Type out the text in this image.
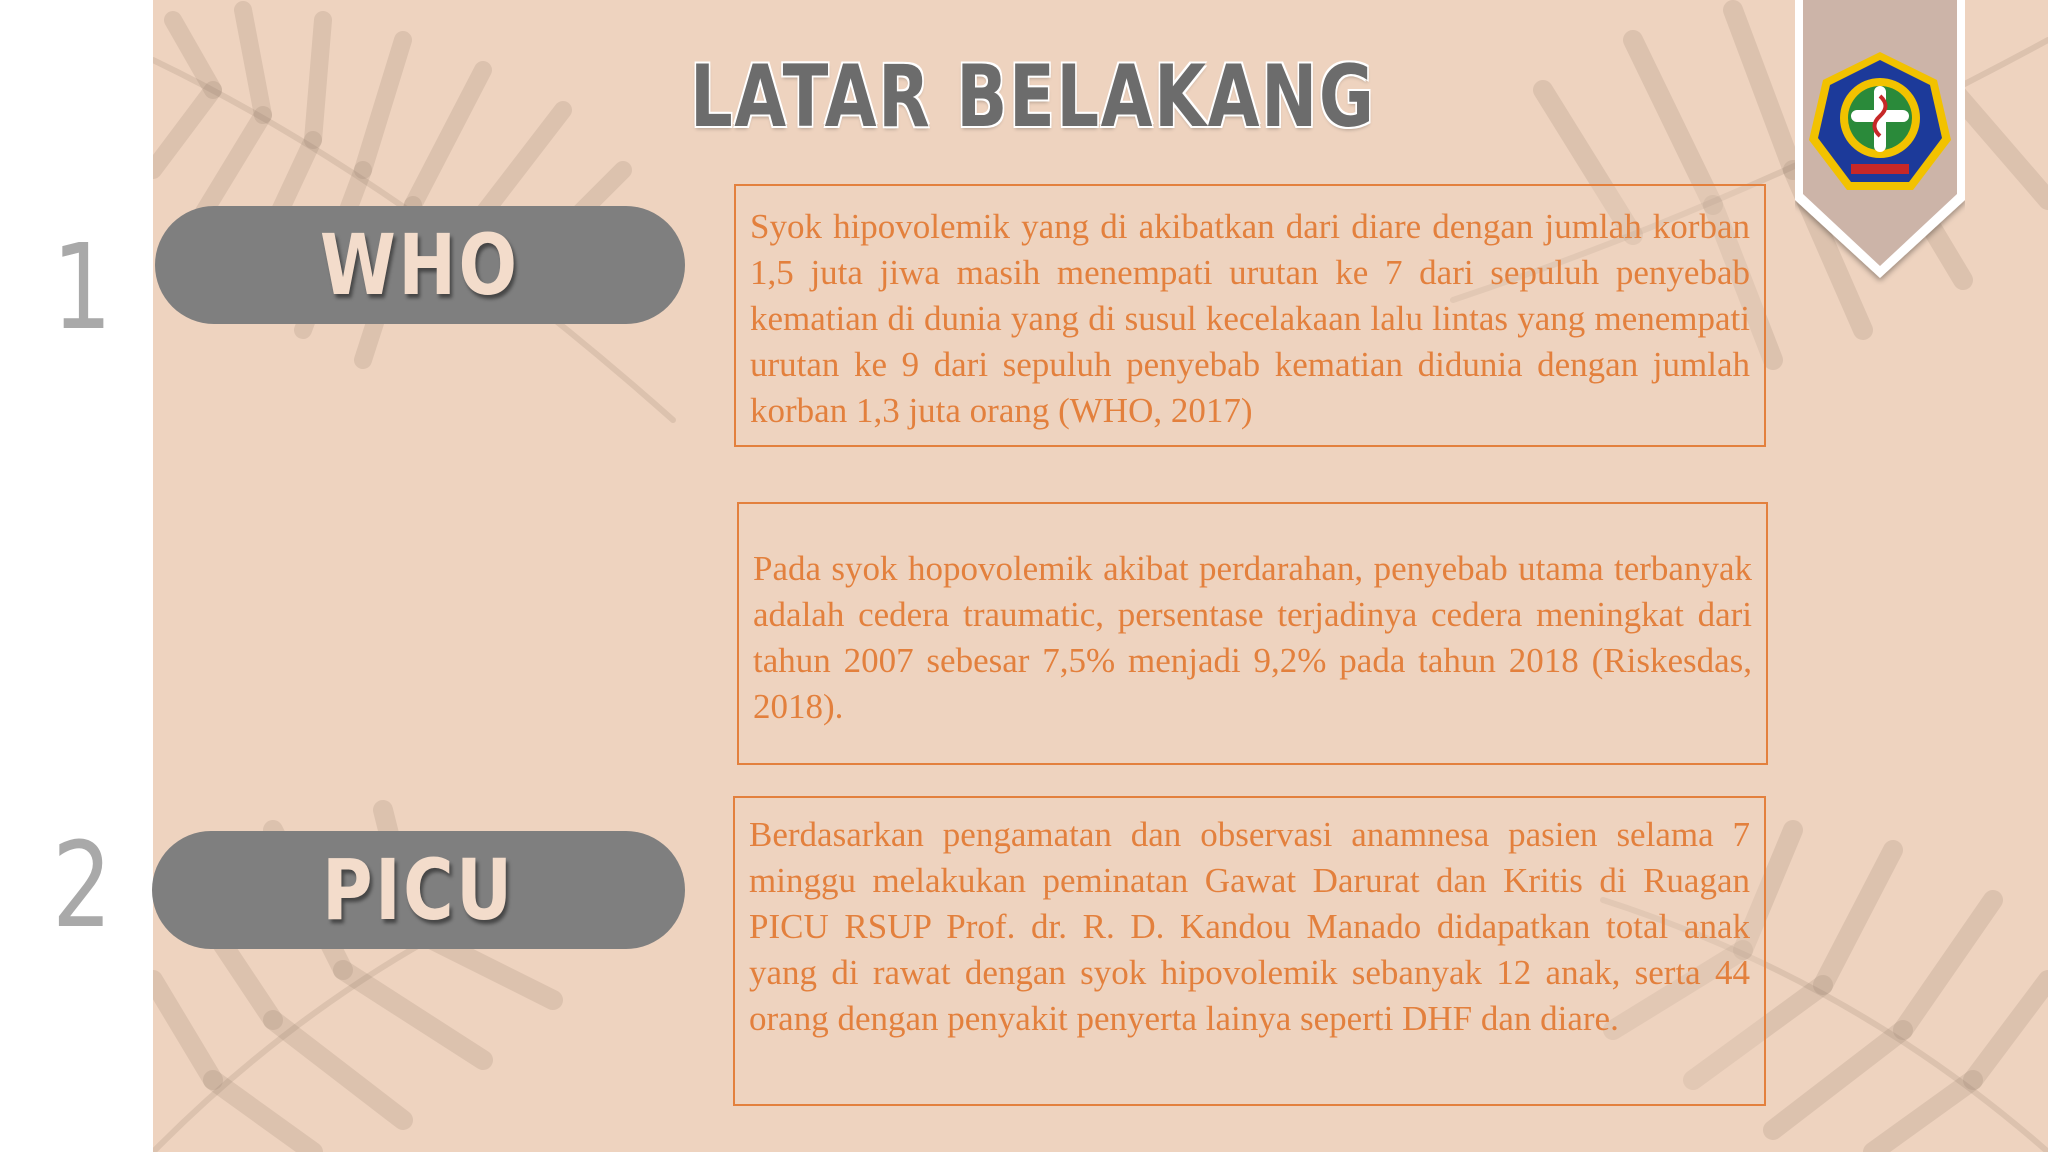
LATAR BELAKANG
1 WHO
2	PICU
Syok hipovolemik yang di akibatkan dari diare dengan jumlah korban 1,5 juta jiwa masih menempati urutan ke 7 dari sepuluh penyebab kematian di dunia yang di susul kecelakaan lalu lintas yang menempati urutan ke 9 dari sepuluh penyebab kematian didunia dengan jumlah korban 1,3 juta orang (WHO, 2017)
Pada syok hopovolemik akibat perdarahan, penyebab utama terbanyak adalah cedera traumatic, persentase terjadinya cedera meningkat dari tahun 2007 sebesar 7,5% menjadi 9,2% pada tahun 2018 (Riskesdas, 2018).
Berdasarkan pengamatan dan observasi anamnesa pasien selama 7 minggu melakukan peminatan Gawat Darurat dan Kritis di Ruagan PICU RSUP Prof. dr. R. D. Kandou Manado didapatkan total anak yang di rawat dengan syok hipovolemik sebanyak 12 anak, serta 44 orang dengan penyakit penyerta lainya seperti DHF dan diare.
